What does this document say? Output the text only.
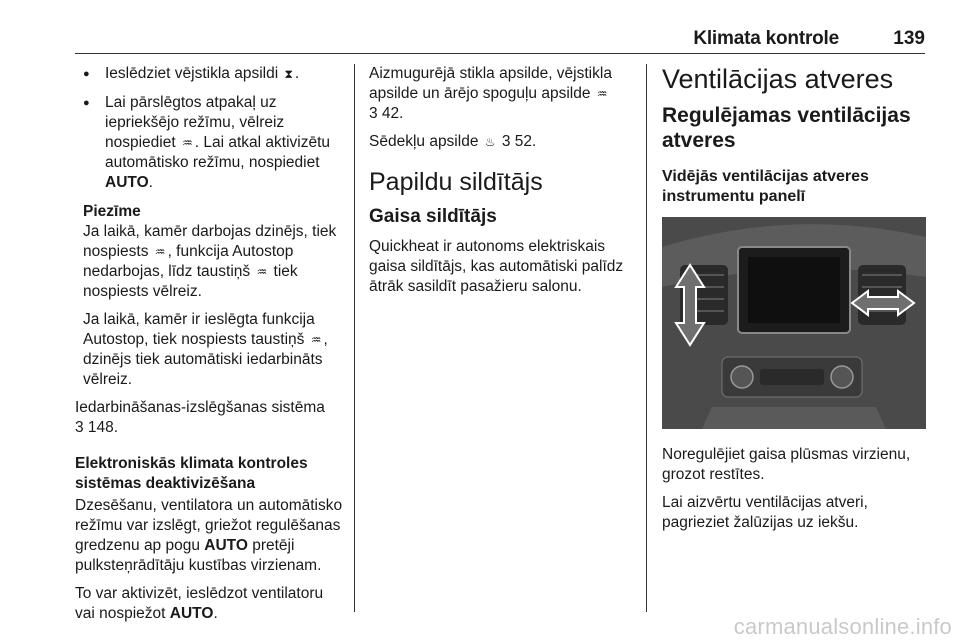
Klimata kontrole	139
● Ieslēdziet vējstikla apsildi ⧗ .
● Lai pārslēgtos atpakaļ uz iepriekšējo režīmu, vēlreiz nospiediet ♒ . Lai atkal aktivizētu automātisko režīmu, nospiediet AUTO.
Piezīme

Ja laikā, kamēr darbojas dzinējs, tiek nospiests ♒ , funkcija Autostop nedarbojas, līdz taustiņš ♒ tiek nospiests vēlreiz.

Ja laikā, kamēr ir ieslēgta funkcija Autostop, tiek nospiests taustiņš ♒ , dzinējs tiek automātiski iedarbināts vēlreiz.

Iedarbināšanas-izslēgšanas sistēma
3 148.

Elektroniskās klimata kontroles sistēmas deaktivizēšana

Dzesēšanu, ventilatora un automātisko režīmu var izslēgt, griežot regulēšanas gredzenu ap pogu AUTO pretēji pulksteņrādītāju kustības virzienam.

To var aktivizēt, ieslēdzot ventilatoru vai nospiežot AUTO.

Aizmugurējā stikla apsilde, vējstikla apsilde un ārējo spoguļu apsilde ♒
3 42.

Sēdekļu apsilde ♨ 3 52.

Papildu sildītājs
Gaisa sildītājs

Quickheat ir autonoms elektriskais gaisa sildītājs, kas automātiski palīdz ātrāk sasildīt pasažieru salonu.

Ventilācijas atveres
Regulējamas ventilācijas atveres
Vidējās ventilācijas atveres instrumentu panelī

Noregulējiet gaisa plūsmas virzienu, grozot restītes.

Lai aizvērtu ventilācijas atveri, pagrieziet žalūzijas uz iekšu.

carmanualsonline.info
